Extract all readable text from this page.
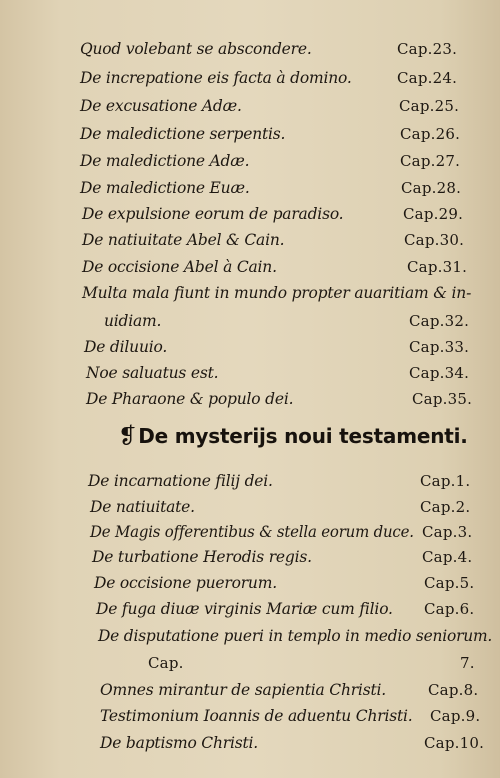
Quod volebant se abscondere.	Cap.23.
De increpatione eis facta à domino.	Cap.24.
De excusatione Adæ.	Cap.25.
De maledictione serpentis.	Cap.26.
De maledictione Adæ.	Cap.27.
De maledictione Euæ.	Cap.28.
De expulsione eorum de paradiso.	Cap.29.
De natiuitate Abel & Cain.	Cap.30.
De occisione Abel à Cain.	Cap.31.
Multa mala fiunt in mundo propter auaritiam & in-
uidiam.	Cap.32.
De diluuio.	Cap.33.
Noe saluatus est.	Cap.34.
De Pharaone & populo dei.	Cap.35.
❡ De mysterijs noui testamenti.
De incarnatione filij dei.	Cap.1.
De natiuitate.	Cap.2.
De Magis offerentibus & stella eorum duce. Cap.3.
De turbatione Herodis regis.	Cap.4.
De occisione puerorum.	Cap.5.
De fuga diuæ virginis Mariæ cum filio. Cap.6.
De disputatione pueri in templo in medio seniorum.
Cap.	7.
Omnes mirantur de sapientia Christi.	Cap.8.
Testimonium Ioannis de aduentu Christi. Cap.9.
De baptismo Christi.	Cap.10.
